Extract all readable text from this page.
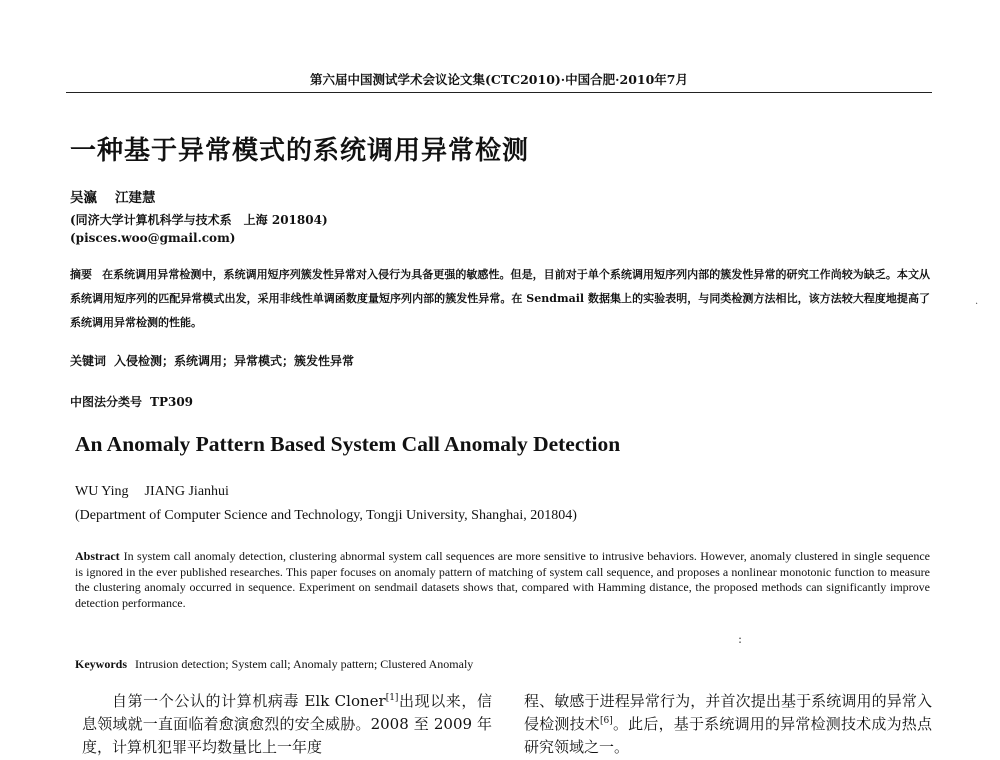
第六届中国测试学术会议论文集(CTC2010)·中国合肥·2010年7月
一种基于异常模式的系统调用异常检测
吴瀛 江建慧
(同济大学计算机科学与技术系　上海 201804)
(pisces.woo@gmail.com)
摘要 在系统调用异常检测中，系统调用短序列簇发性异常对入侵行为具备更强的敏感性。但是，目前对于单个系统调用短序列内部的簇发性异常的研究工作尚较为缺乏。本文从系统调用短序列的匹配异常模式出发，采用非线性单调函数度量短序列内部的簇发性异常。在 Sendmail 数据集上的实验表明，与同类检测方法相比，该方法较大程度地提高了系统调用异常检测的性能。
关键词 入侵检测；系统调用；异常模式；簇发性异常
中图法分类号 TP309
An Anomaly Pattern Based System Call Anomaly Detection
WU Ying JIANG Jianhui
(Department of Computer Science and Technology, Tongji University, Shanghai, 201804)
Abstract In system call anomaly detection, clustering abnormal system call sequences are more sensitive to intrusive behaviors. However, anomaly clustered in single sequence is ignored in the ever published researches. This paper focuses on anomaly pattern of matching of system call sequence, and proposes a nonlinear monotonic function to measure the clustering anomaly occurred in sequence. Experiment on sendmail datasets shows that, compared with Hamming distance, the proposed methods can significantly improve detection performance.
Keywords Intrusion detection; System call; Anomaly pattern; Clustered Anomaly
自第一个公认的计算机病毒 Elk Cloner[1]出现以来，信息领域就一直面临着愈演愈烈的安全威胁。2008 至 2009 年度，计算机犯罪平均数量比上一年度
程、敏感于进程异常行为，并首次提出基于系统调用的异常入侵检测技术[6]。此后，基于系统调用的异常检测技术成为热点研究领域之一。
.
:
